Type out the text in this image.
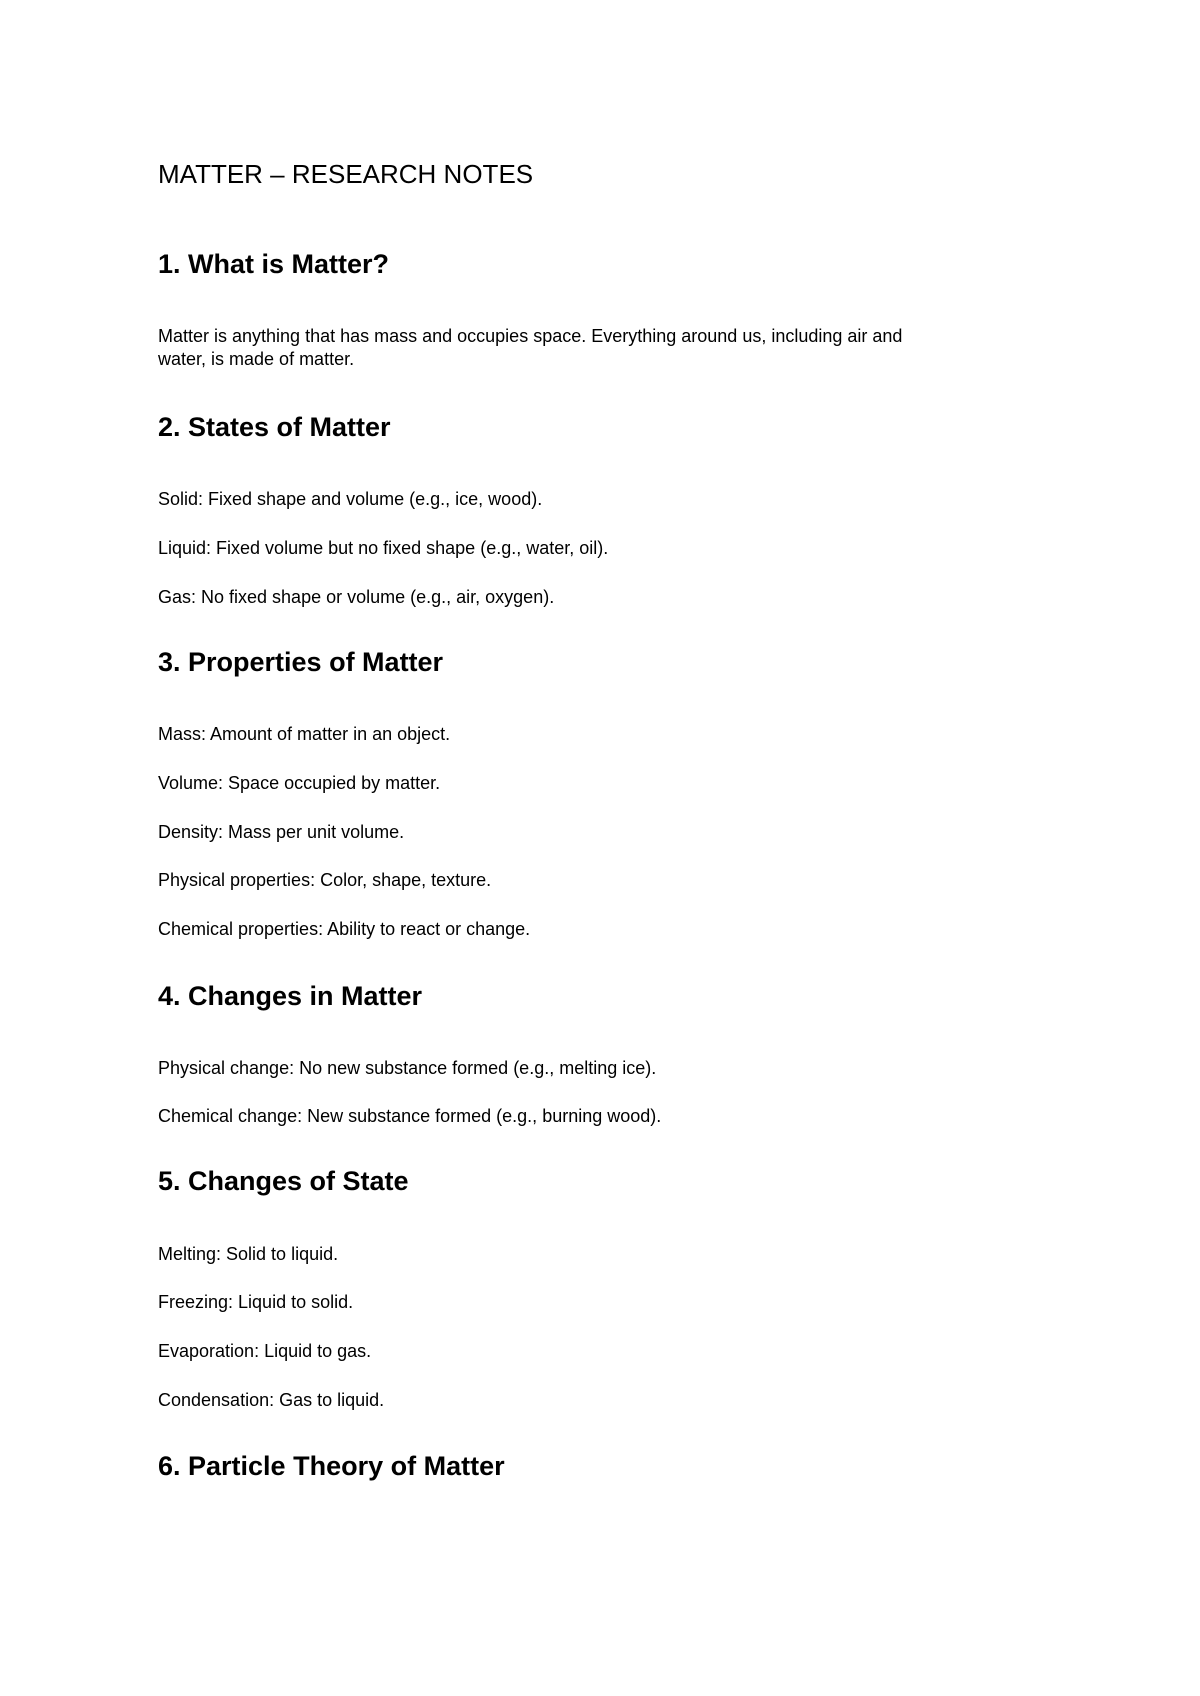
MATTER – RESEARCH NOTES
1. What is Matter?
Matter is anything that has mass and occupies space. Everything around us, including air and
water, is made of matter.
2. States of Matter

Solid: Fixed shape and volume (e.g., ice, wood).

Liquid: Fixed volume but no fixed shape (e.g., water, oil).

Gas: No fixed shape or volume (e.g., air, oxygen).

3. Properties of Matter

Mass: Amount of matter in an object.

Volume: Space occupied by matter.

Density: Mass per unit volume.

Physical properties: Color, shape, texture.

Chemical properties: Ability to react or change.

4. Changes in Matter

Physical change: No new substance formed (e.g., melting ice).

Chemical change: New substance formed (e.g., burning wood).

5. Changes of State

Melting: Solid to liquid.

Freezing: Liquid to solid.

Evaporation: Liquid to gas.

Condensation: Gas to liquid.

6. Particle Theory of Matter
